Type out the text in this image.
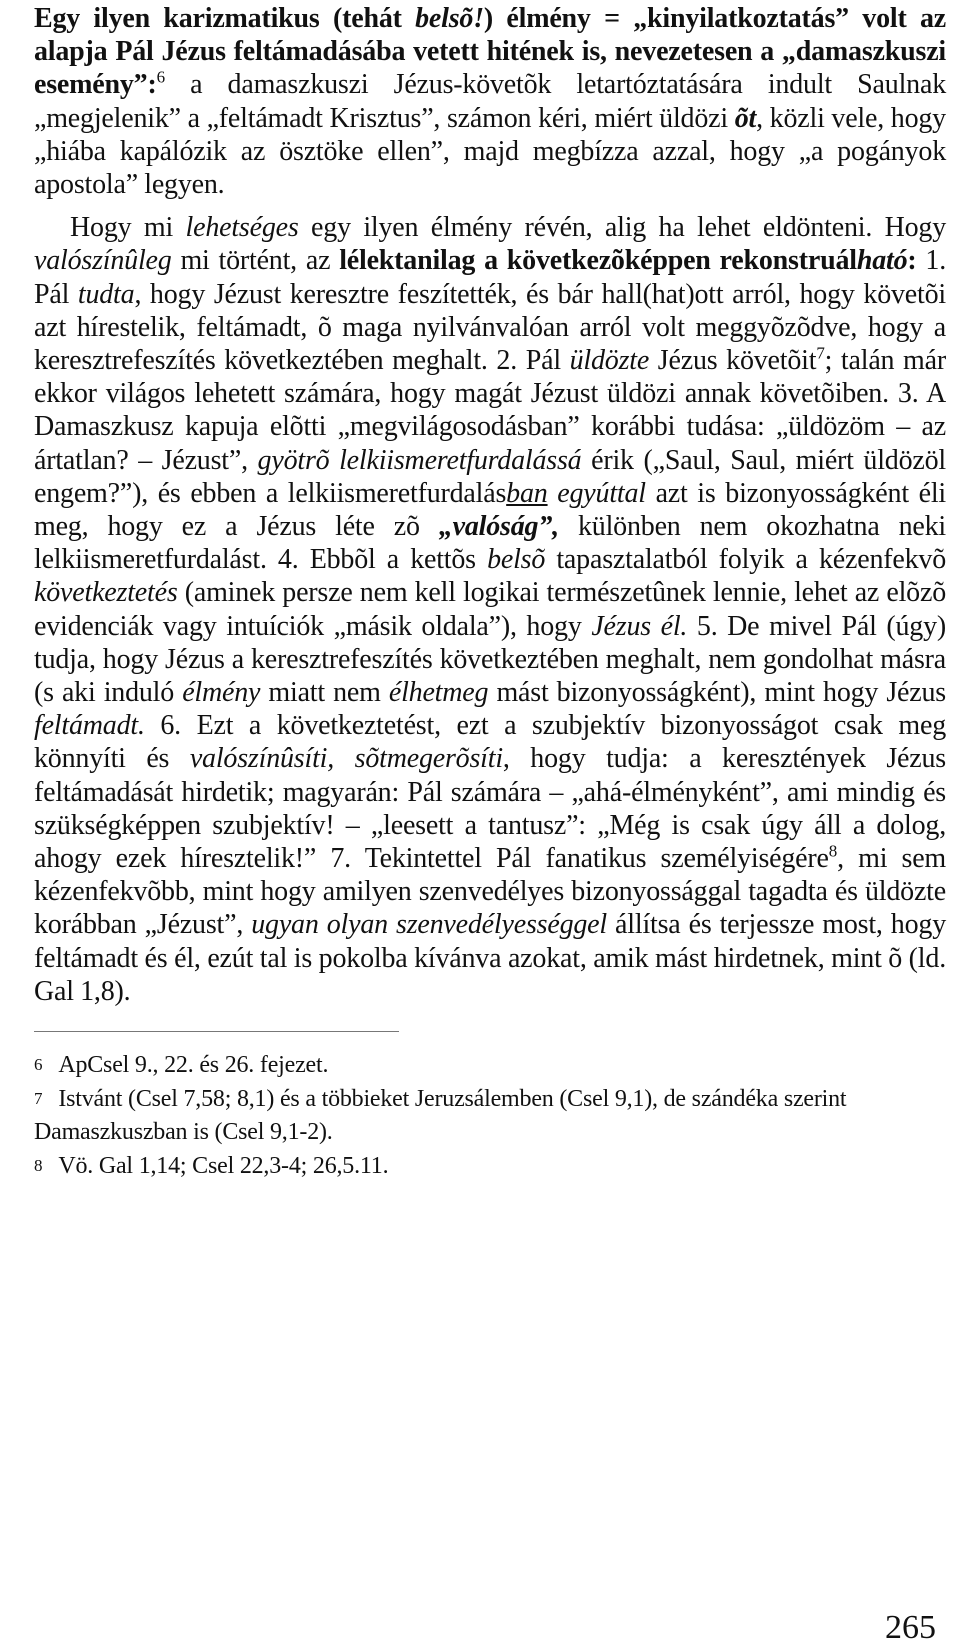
Egy ilyen karizmatikus (tehát belsõ!) élmény = „kinyilatkoztatás” volt az alapja Pál Jézus feltámadásába vetett hitének is, nevezetesen a „damaszkuszi esemény”:$^6$ a damaszkuszi Jézus-követõk letartóztatására indult Saulnak „megjelenik” a „feltámadt Krisztus”, számon kéri, miért üldözi õt, közli vele, hogy „hiába kapálózik az ösztöke ellen”, majd megbízza azzal, hogy „a pogányok apostola” legyen.

Hogy mi lehetséges egy ilyen élmény révén, alig ha lehet eldönteni. Hogy valószínûleg mi történt, az lélektanilag a következõképpen rekonstruálható: 1. Pál tudta, hogy Jézust keresztre feszítették, és bár hall(hat)ott arról, hogy követõi azt hírestelik, feltámadt, õ maga nyilvánvalóan arról volt meggyõzõdve, hogy a keresztrefeszítés következtében meghalt. 2. Pál üldözte Jézus követõit$^7$; talán már ekkor világos lehetett számára, hogy magát Jézust üldözi annak követõiben. 3. A Damaszkusz kapuja elõtti „megvilágosodásban” korábbi tudása: „üldözöm – az ártatlan? – Jézust”, gyötrõ lelkiismeretfurdalássá érik („Saul, Saul, miért üldözöl engem?”), és ebben a lelkiismeretfurdalásban egyúttal azt is bizonyosságként éli meg, hogy ez a Jézus léte zõ „valóság”, különben nem okozhatna neki lelkiismeretfurdalást. 4. Ebbõl a kettõs belsõ tapasztalatból folyik a kézenfekvõ következtetés (aminek persze nem kell logikai természetûnek lennie, lehet az elõzõ evidenciák vagy intuíciók „másik oldala”), hogy Jézus él. 5. De mivel Pál (úgy) tudja, hogy Jézus a keresztrefeszítés következtében meghalt, nem gondolhat másra (s aki induló élmény miatt nem élhetmeg mást bizonyosságként), mint hogy Jézus feltámadt. 6. Ezt a következtetést, ezt a szubjektív bizonyosságot csak meg könnyíti és valószínûsíti, sõtmegerõsíti, hogy tudja: a keresztények Jézus feltámadását hirdetik; magyarán: Pál számára – „ahá-élményként”, ami mindig és szükségképpen szubjektív! – „leesett a tantusz”: „Még is csak úgy áll a dolog, ahogy ezek híresztelik!” 7. Tekintettel Pál fanatikus személyiségére$^8$, mi sem kézenfekvõbb, mint hogy amilyen szenvedélyes bizonyossággal tagadta és üldözte korábban „Jézust”, ugyan olyan szenvedélyességgel állítsa és terjessze most, hogy feltámadt és él, ezút tal is pokolba kívánva azokat, amik mást hirdetnek, mint õ (ld. Gal 1,8).

6 ApCsel 9., 22. és 26. fejezet.

7 Istvánt (Csel 7,58; 8,1) és a többieket Jeruzsálemben (Csel 9,1), de szándéka szerint Damaszkuszban is (Csel 9,1-2).

8 Vö. Gal 1,14; Csel 22,3-4; 26,5.11.

265
